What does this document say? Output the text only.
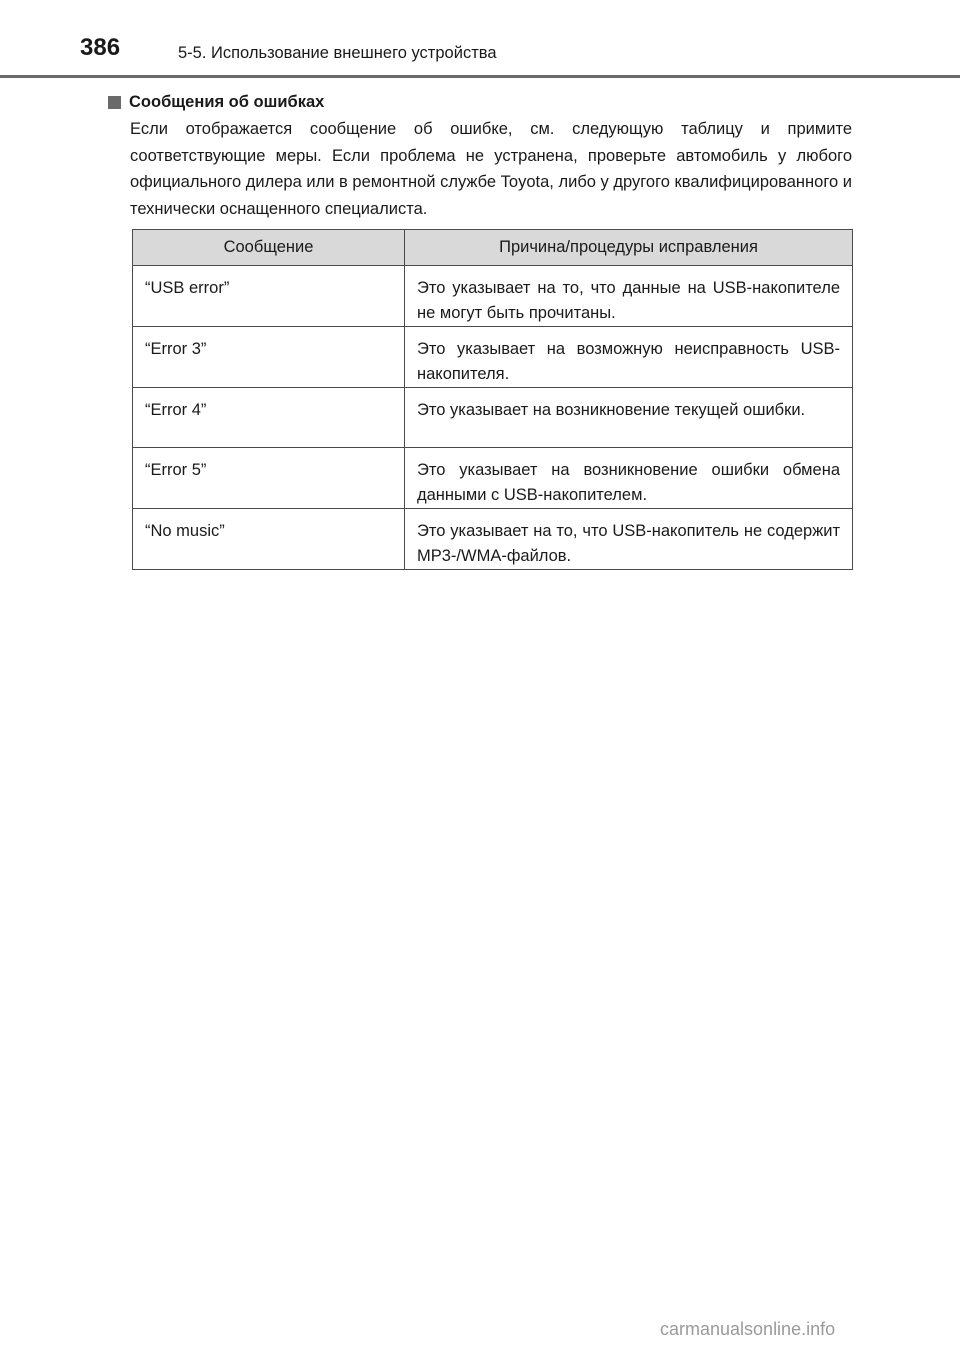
386	5-5. Использование внешнего устройства
Сообщения об ошибках

Если отображается сообщение об ошибке, см. следующую таблицу и примите соответствующие меры. Если проблема не устранена, проверьте автомобиль у любого официального дилера или в ремонтной службе Toyota, либо у другого квалифицированного и технически оснащенного специалиста.

Сообщение	Причина/процедуры исправления
“USB error”	Это указывает на то, что данные на USB-накопителе не могут быть прочитаны.
“Error 3”	Это указывает на возможную неисправность USB-накопителя.
“Error 4”	Это указывает на возникновение текущей ошибки.
“Error 5”	Это указывает на возникновение ошибки обмена данными с USB-накопителем.
“No music”	Это указывает на то, что USB-накопитель не содержит MP3-/WMA-файлов.
carmanualsonline.info
